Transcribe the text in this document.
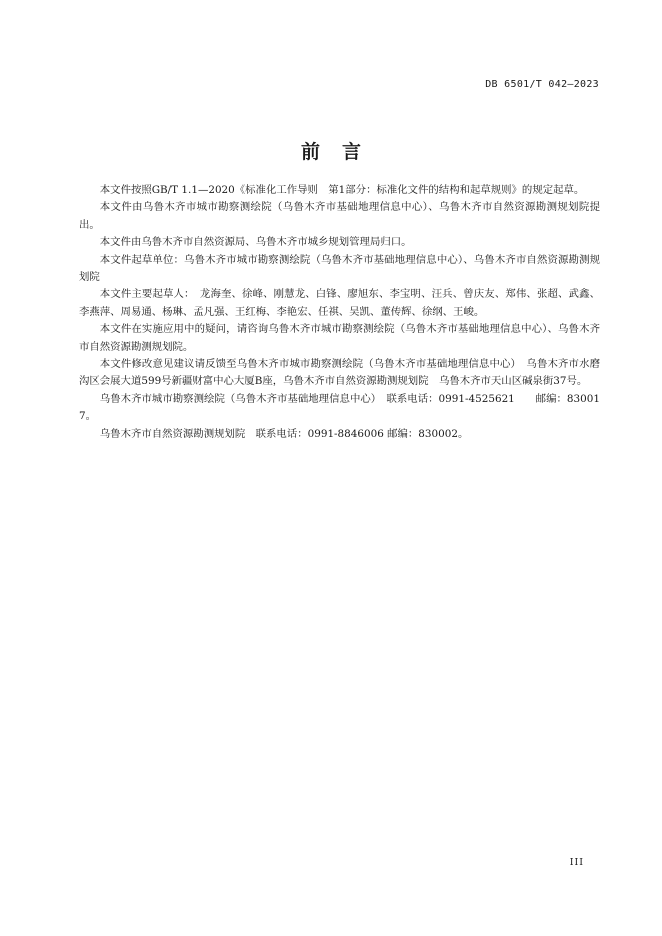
DB 6501/T 042—2023
前言

本文件按照GB/T 1.1—2020《标准化工作导则　第1部分：标准化文件的结构和起草规则》的规定起草。

本文件由乌鲁木齐市城市勘察测绘院（乌鲁木齐市基础地理信息中心）、乌鲁木齐市自然资源勘测规划院提出。

本文件由乌鲁木齐市自然资源局、乌鲁木齐市城乡规划管理局归口。

本文件起草单位：乌鲁木齐市城市勘察测绘院（乌鲁木齐市基础地理信息中心）、乌鲁木齐市自然资源勘测规划院

本文件主要起草人：　龙海奎、徐峰、刚慧龙、白锋、廖旭东、李宝明、汪兵、曾庆友、郑伟、张超、武鑫、李燕萍、周易通、杨琳、孟凡强、王红梅、李艳宏、任祺、吴凯、董传辉、徐纲、王峻。

本文件在实施应用中的疑问，请咨询乌鲁木齐市城市勘察测绘院（乌鲁木齐市基础地理信息中心）、乌鲁木齐市自然资源勘测规划院。

本文件修改意见建议请反馈至乌鲁木齐市城市勘察测绘院（乌鲁木齐市基础地理信息中心）　乌鲁木齐市水磨沟区会展大道599号新疆财富中心大厦B座，乌鲁木齐市自然资源勘测规划院　乌鲁木齐市天山区碱泉街37号。

乌鲁木齐市城市勘察测绘院（乌鲁木齐市基础地理信息中心）　联系电话：0991-4525621　　邮编：830017。

乌鲁木齐市自然资源勘测规划院　联系电话：0991-8846006 邮编：830002。

III
